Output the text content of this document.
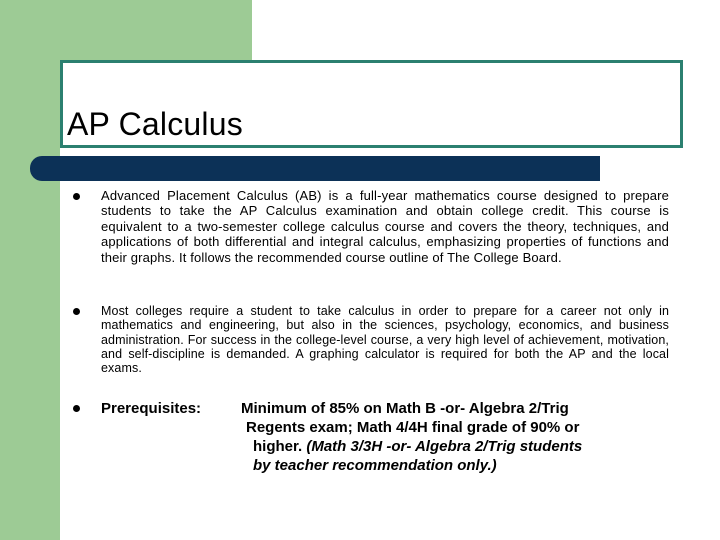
AP Calculus
Advanced Placement Calculus (AB) is a full-year mathematics course designed to prepare students to take the AP Calculus examination and obtain college credit. This course is equivalent to a two-semester college calculus course and covers the theory, techniques, and applications of both differential and integral calculus, emphasizing properties of functions and their graphs. It follows the recommended course outline of The College Board.
Most colleges require a student to take calculus in order to prepare for a career not only in mathematics and engineering, but also in the sciences, psychology, economics, and business administration. For success in the college-level course, a very high level of achievement, motivation, and self-discipline is demanded. A graphing calculator is required for both the AP and the local exams.
Prerequisites:	Minimum of 85% on Math B -or- Algebra 2/Trig
Regents exam; Math 4/4H final grade of 90% or
higher. (Math 3/3H -or- Algebra 2/Trig students
by teacher recommendation only.)
